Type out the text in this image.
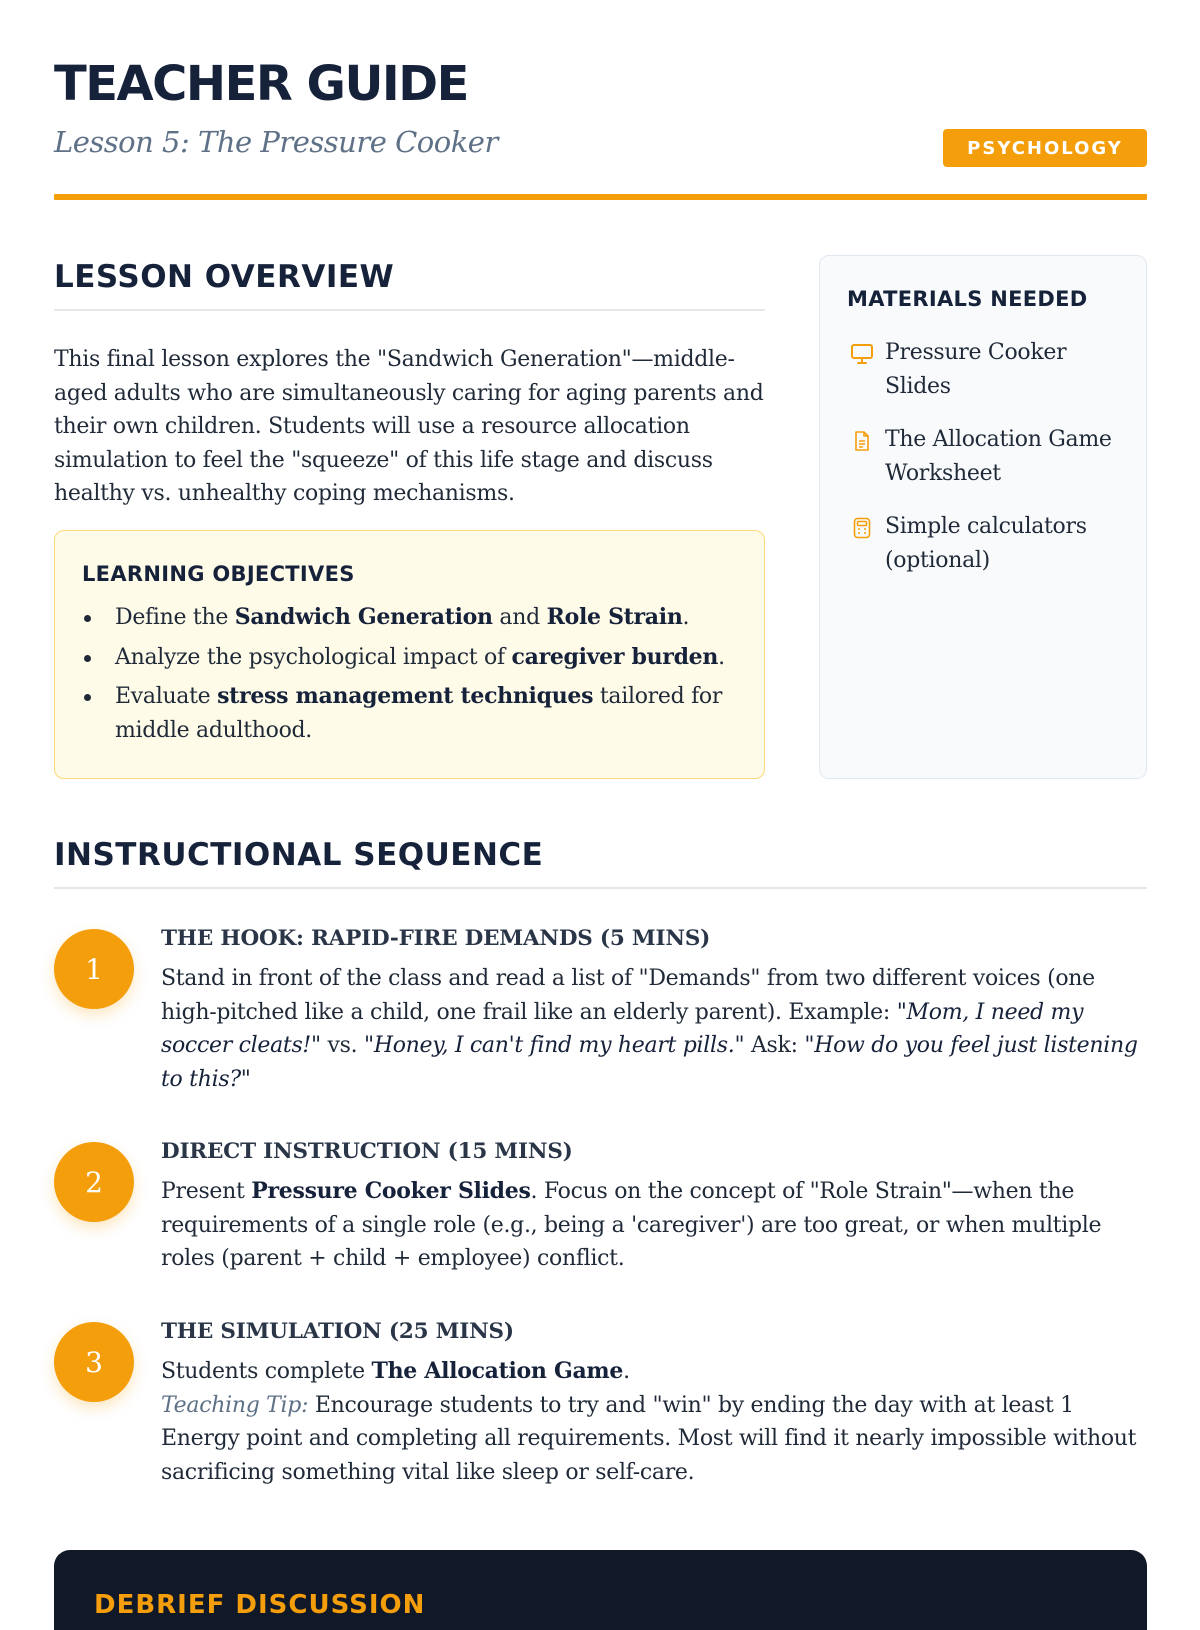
TEACHER GUIDE
Lesson 5: The Pressure Cooker	PSYCHOLOGY
LESSON OVERVIEW

This final lesson explores the "Sandwich Generation"—middle-aged adults who are simultaneously caring for aging parents and their own children. Students will use a resource allocation simulation to feel the "squeeze" of this life stage and discuss healthy vs. unhealthy coping mechanisms.

LEARNING OBJECTIVES
Define the Sandwich Generation and Role Strain.
Analyze the psychological impact of caregiver burden.
Evaluate stress management techniques tailored for middle adulthood.
MATERIALS NEEDED
Pressure Cooker Slides
The Allocation Game Worksheet
Simple calculators (optional)
INSTRUCTIONAL SEQUENCE
1
THE HOOK: RAPID-FIRE DEMANDS (5 MINS)

Stand in front of the class and read a list of "Demands" from two different voices (one high-pitched like a child, one frail like an elderly parent). Example: "Mom, I need my soccer cleats!" vs. "Honey, I can't find my heart pills." Ask: "How do you feel just listening to this?"

2
DIRECT INSTRUCTION (15 MINS)

Present Pressure Cooker Slides. Focus on the concept of "Role Strain"—when the requirements of a single role (e.g., being a 'caregiver') are too great, or when multiple roles (parent + child + employee) conflict.

3
THE SIMULATION (25 MINS)

Students complete The Allocation Game.
Teaching Tip: Encourage students to try and "win" by ending the day with at least 1 Energy point and completing all requirements. Most will find it nearly impossible without sacrificing something vital like sleep or self-care.

DEBRIEF DISCUSSION
